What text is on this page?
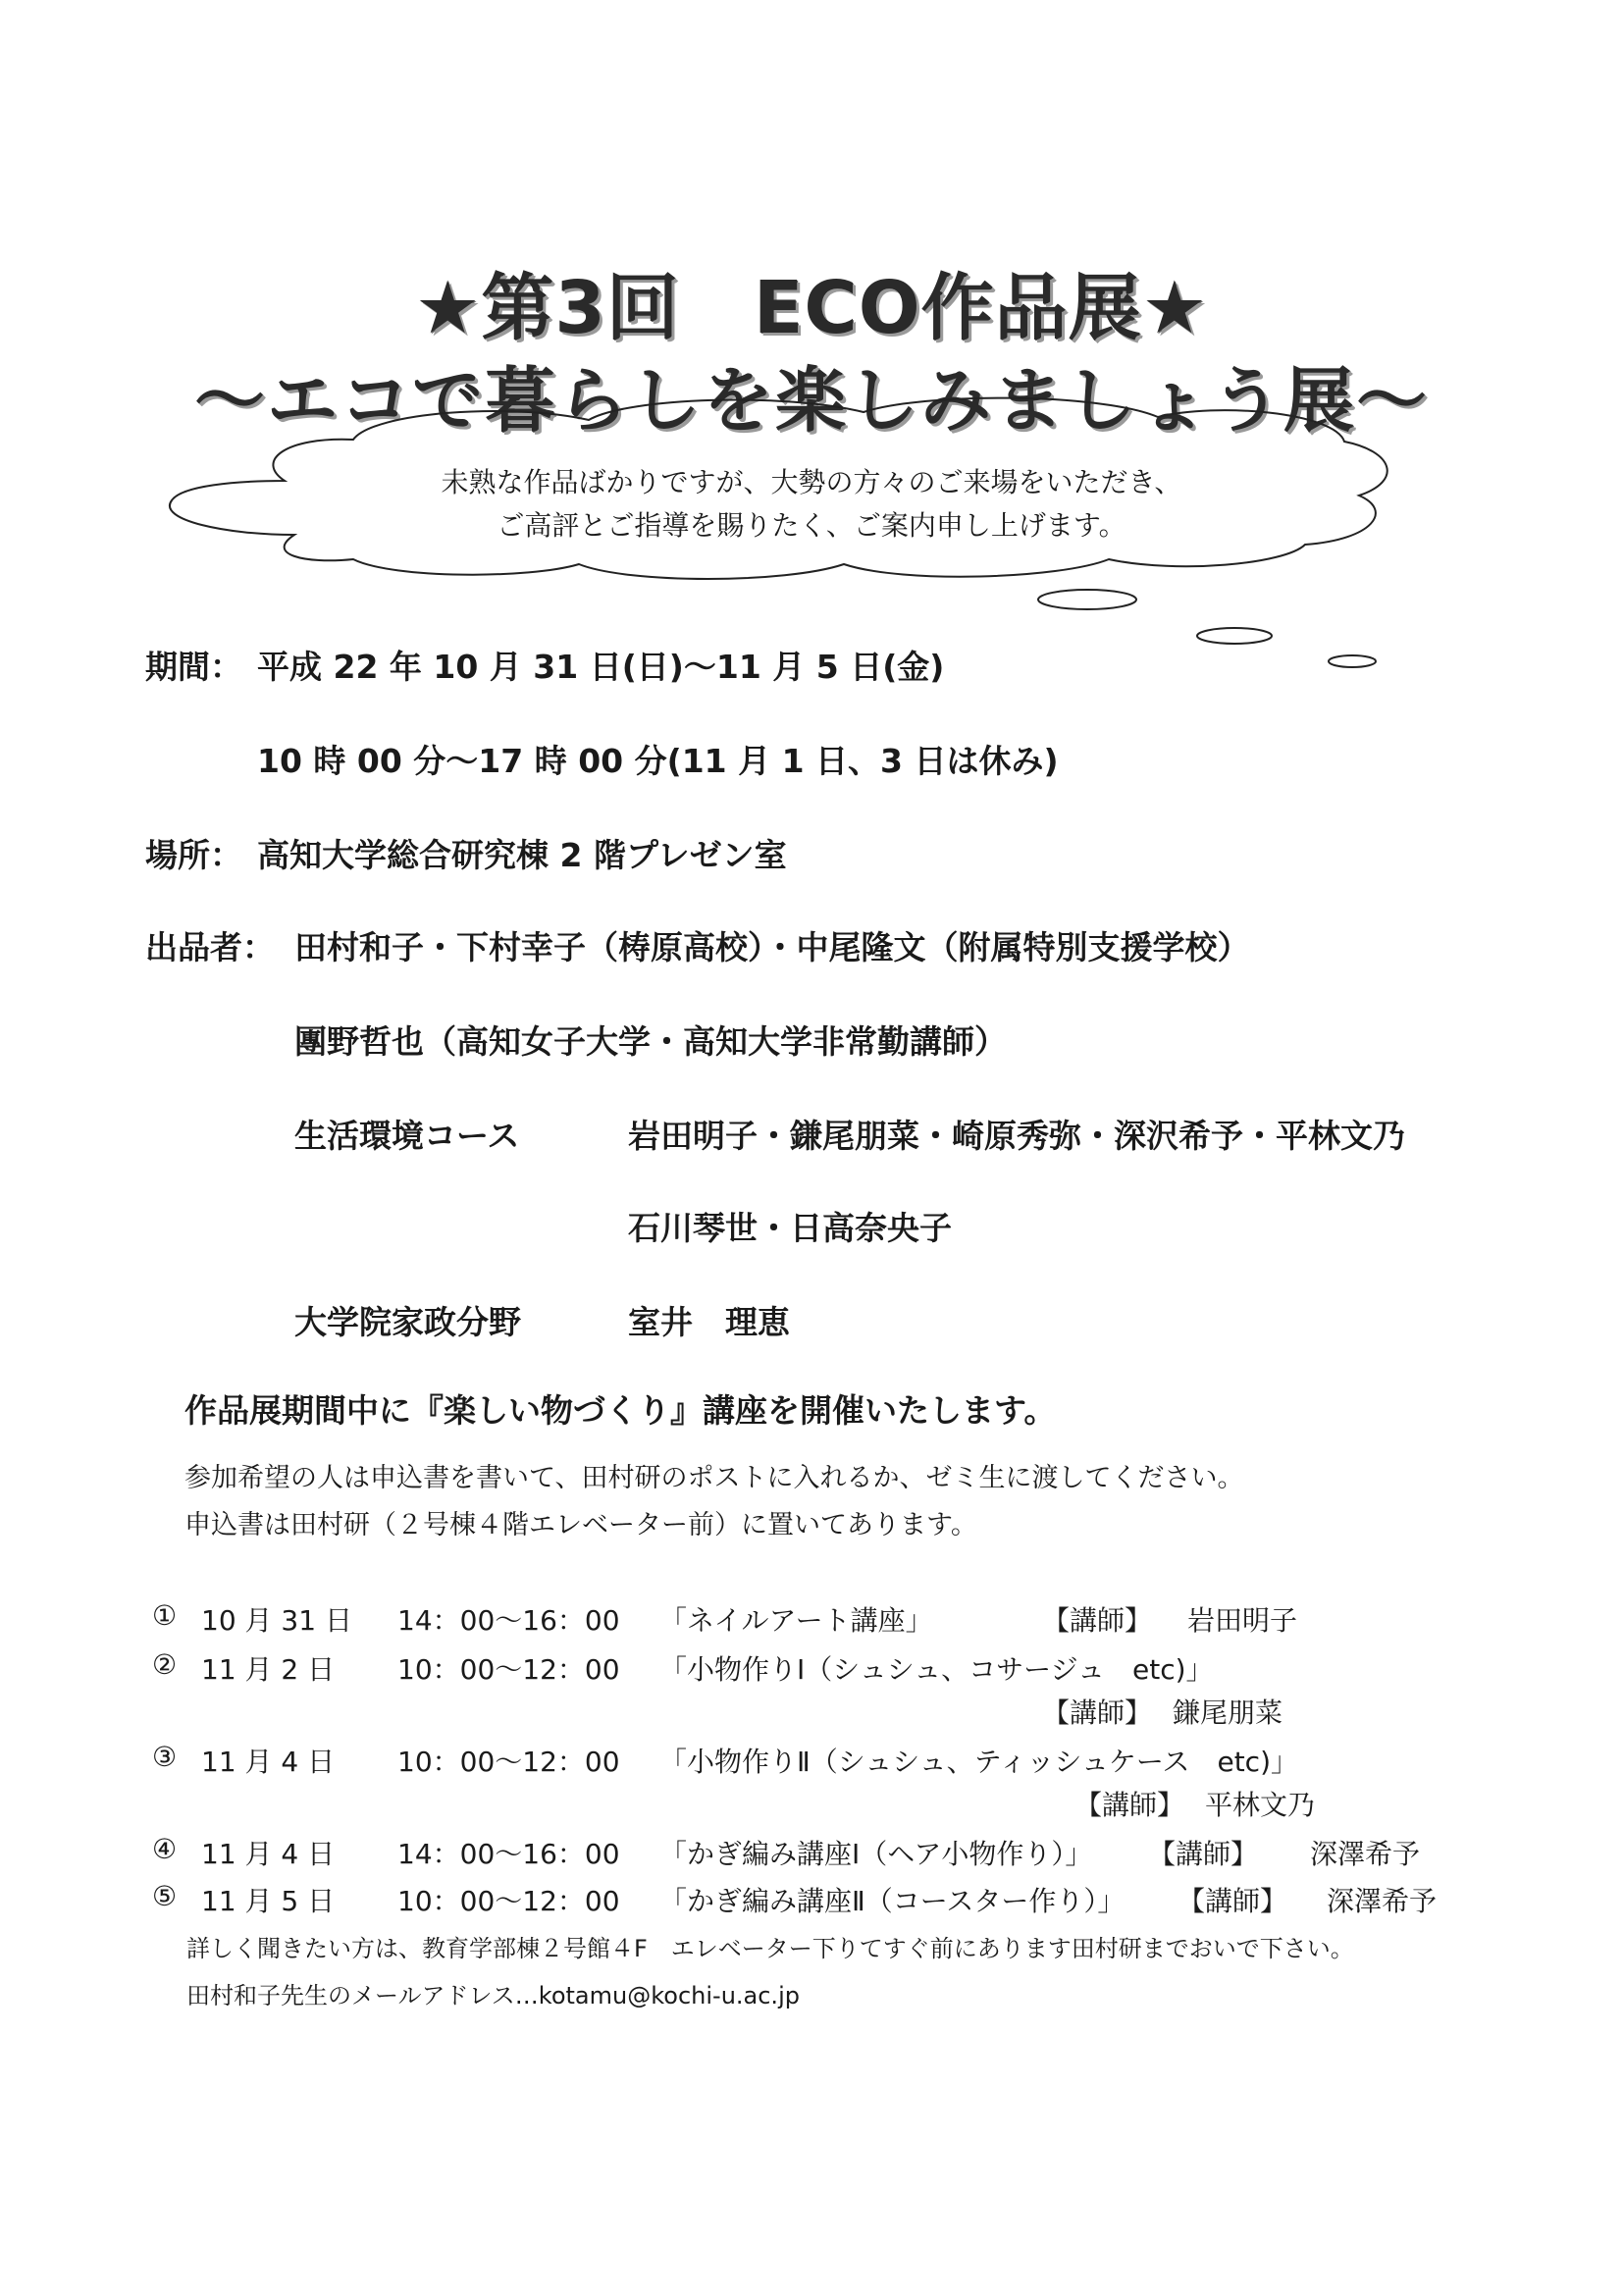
★第3回　ECO作品展★
～エコで暮らしを楽しみましょう展～
未熟な作品ばかりですが、大勢の方々のご来場をいただき、
ご高評とご指導を賜りたく、ご案内申し上げます。
期間： 平成 22 年 10 月 31 日(日)～11 月 5 日(金)
10 時 00 分～17 時 00 分(11 月 1 日、3 日は休み)
場所： 高知大学総合研究棟 2 階プレゼン室
出品者： 田村和子・下村幸子（梼原高校）・中尾隆文（附属特別支援学校）
團野哲也（高知女子大学・高知大学非常勤講師）
生活環境コース	岩田明子・鎌尾朋菜・崎原秀弥・深沢希予・平林文乃
石川琴世・日高奈央子
大学院家政分野	室井　理恵
作品展期間中に『楽しい物づくり』講座を開催いたします。
参加希望の人は申込書を書いて、田村研のポストに入れるか、ゼミ生に渡してください。
申込書は田村研（２号棟４階エレベーター前）に置いてあります。
① 10 月 31 日 14：00～16：00 「ネイルアート講座」	【講師】 岩田明子
② 11 月 2 日 10：00～12：00 「小物作りⅠ（シュシュ、コサージュ　etc)」
【講師】 鎌尾朋菜
③ 11 月 4 日 10：00～12：00 「小物作りⅡ（シュシュ、ティッシュケース　etc)」
【講師】 平林文乃
④ 11 月 4 日 14：00～16：00 「かぎ編み講座Ⅰ（ヘア小物作り）」 【講師】 深澤希予
⑤ 11 月 5 日 10：00～12：00 「かぎ編み講座Ⅱ（コースター作り）」 【講師】 深澤希予
詳しく聞きたい方は、教育学部棟２号館４F　エレベーター下りてすぐ前にあります田村研までおいで下さい。
田村和子先生のメールアドレス…kotamu@kochi-u.ac.jp
